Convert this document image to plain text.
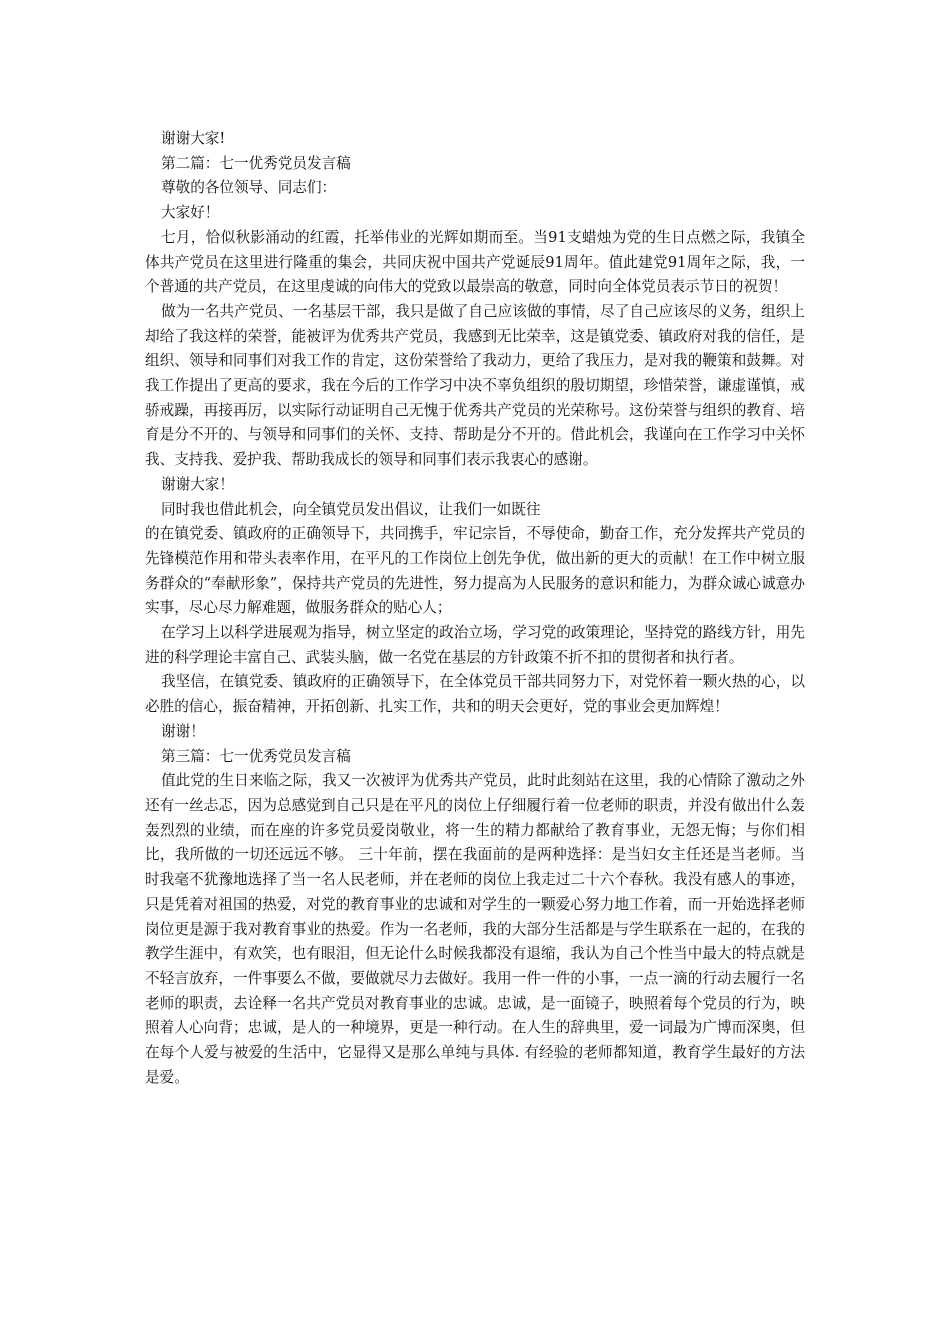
谢谢大家!

第二篇：七一优秀党员发言稿

尊敬的各位领导、同志们：

大家好！

七月，恰似秋影涌动的红霞，托举伟业的光辉如期而至。当91支蜡烛为党的生日点燃之际，我镇全体共产党员在这里进行隆重的集会，共同庆祝中国共产党诞辰91周年。值此建党91周年之际，我，一个普通的共产党员，在这里虔诚的向伟大的党致以最崇高的敬意，同时向全体党员表示节日的祝贺！

做为一名共产党员、一名基层干部，我只是做了自己应该做的事情，尽了自己应该尽的义务，组织上却给了我这样的荣誉，能被评为优秀共产党员，我感到无比荣幸，这是镇党委、镇政府对我的信任，是组织、领导和同事们对我工作的肯定，这份荣誉给了我动力，更给了我压力，是对我的鞭策和鼓舞。对我工作提出了更高的要求，我在今后的工作学习中决不辜负组织的殷切期望，珍惜荣誉，谦虚谨慎，戒骄戒躁，再接再厉，以实际行动证明自己无愧于优秀共产党员的光荣称号。这份荣誉与组织的教育、培育是分不开的、与领导和同事们的关怀、支持、帮助是分不开的。借此机会，我谨向在工作学习中关怀我、支持我、爱护我、帮助我成长的领导和同事们表示我衷心的感谢。

谢谢大家！

同时我也借此机会，向全镇党员发出倡议，让我们一如既往

的在镇党委、镇政府的正确领导下，共同携手，牢记宗旨，不辱使命，勤奋工作，充分发挥共产党员的先锋模范作用和带头表率作用，在平凡的工作岗位上创先争优，做出新的更大的贡献！在工作中树立服务群众的“奉献形象”，保持共产党员的先进性，努力提高为人民服务的意识和能力，为群众诚心诚意办实事，尽心尽力解难题，做服务群众的贴心人；

在学习上以科学进展观为指导，树立坚定的政治立场，学习党的政策理论，坚持党的路线方针，用先进的科学理论丰富自己、武装头脑，做一名党在基层的方针政策不折不扣的贯彻者和执行者。

我坚信，在镇党委、镇政府的正确领导下，在全体党员干部共同努力下，对党怀着一颗火热的心，以必胜的信心，振奋精神，开拓创新、扎实工作，共和的明天会更好，党的事业会更加辉煌！

谢谢！

第三篇：七一优秀党员发言稿

值此党的生日来临之际，我又一次被评为优秀共产党员，此时此刻站在这里，我的心情除了激动之外还有一丝忐忑，因为总感觉到自己只是在平凡的岗位上仔细履行着一位老师的职责，并没有做出什么轰轰烈烈的业绩，而在座的许多党员爱岗敬业，将一生的精力都献给了教育事业，无怨无悔；与你们相比，我所做的一切还远远不够。 三十年前，摆在我面前的是两种选择：是当妇女主任还是当老师。当时我毫不犹豫地选择了当一名人民老师，并在老师的岗位上我走过二十六个春秋。我没有感人的事迹，只是凭着对祖国的热爱，对党的教育事业的忠诚和对学生的一颗爱心努力地工作着，而一开始选择老师岗位更是源于我对教育事业的热爱。作为一名老师，我的大部分生活都是与学生联系在一起的，在我的教学生涯中，有欢笑，也有眼泪，但无论什么时候我都没有退缩，我认为自己个性当中最大的特点就是不轻言放弃，一件事要么不做，要做就尽力去做好。我用一件一件的小事，一点一滴的行动去履行一名老师的职责，去诠释一名共产党员对教育事业的忠诚。忠诚，是一面镜子，映照着每个党员的行为，映照着人心向背；忠诚，是人的一种境界，更是一种行动。在人生的辞典里，爱一词最为广博而深奥，但在每个人爱与被爱的生活中，它显得又是那么单纯与具体. 有经验的老师都知道，教育学生最好的方法是爱。
